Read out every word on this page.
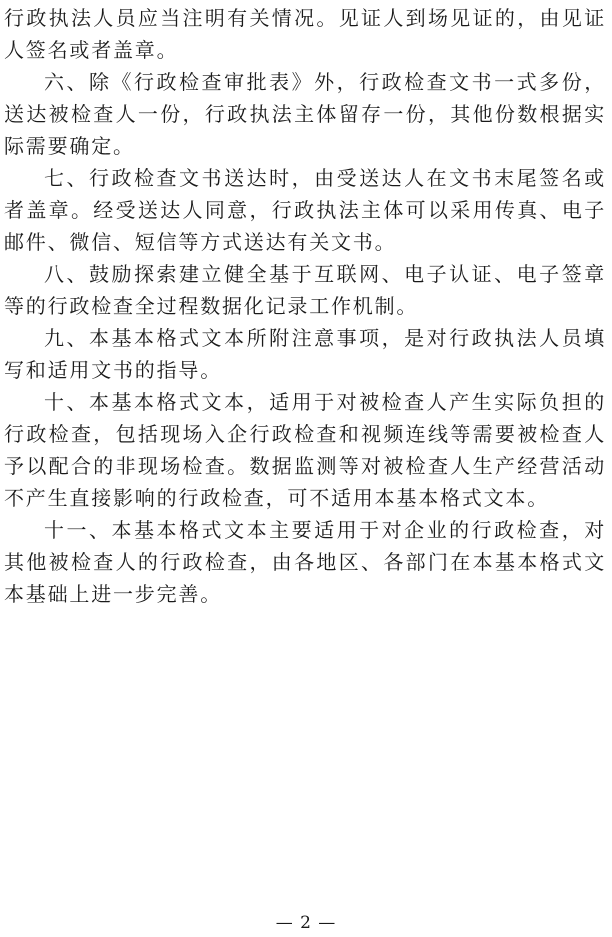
行政执法人员应当注明有关情况。见证人到场见证的，由见证人签名或者盖章。

六、除《行政检查审批表》外，行政检查文书一式多份，送达被检查人一份，行政执法主体留存一份，其他份数根据实际需要确定。

七、行政检查文书送达时，由受送达人在文书末尾签名或者盖章。经受送达人同意，行政执法主体可以采用传真、电子邮件、微信、短信等方式送达有关文书。

八、鼓励探索建立健全基于互联网、电子认证、电子签章等的行政检查全过程数据化记录工作机制。

九、本基本格式文本所附注意事项，是对行政执法人员填写和适用文书的指导。

十、本基本格式文本，适用于对被检查人产生实际负担的行政检查，包括现场入企行政检查和视频连线等需要被检查人予以配合的非现场检查。数据监测等对被检查人生产经营活动不产生直接影响的行政检查，可不适用本基本格式文本。

十一、本基本格式文本主要适用于对企业的行政检查，对其他被检查人的行政检查，由各地区、各部门在本基本格式文本基础上进一步完善。

— 2 —
